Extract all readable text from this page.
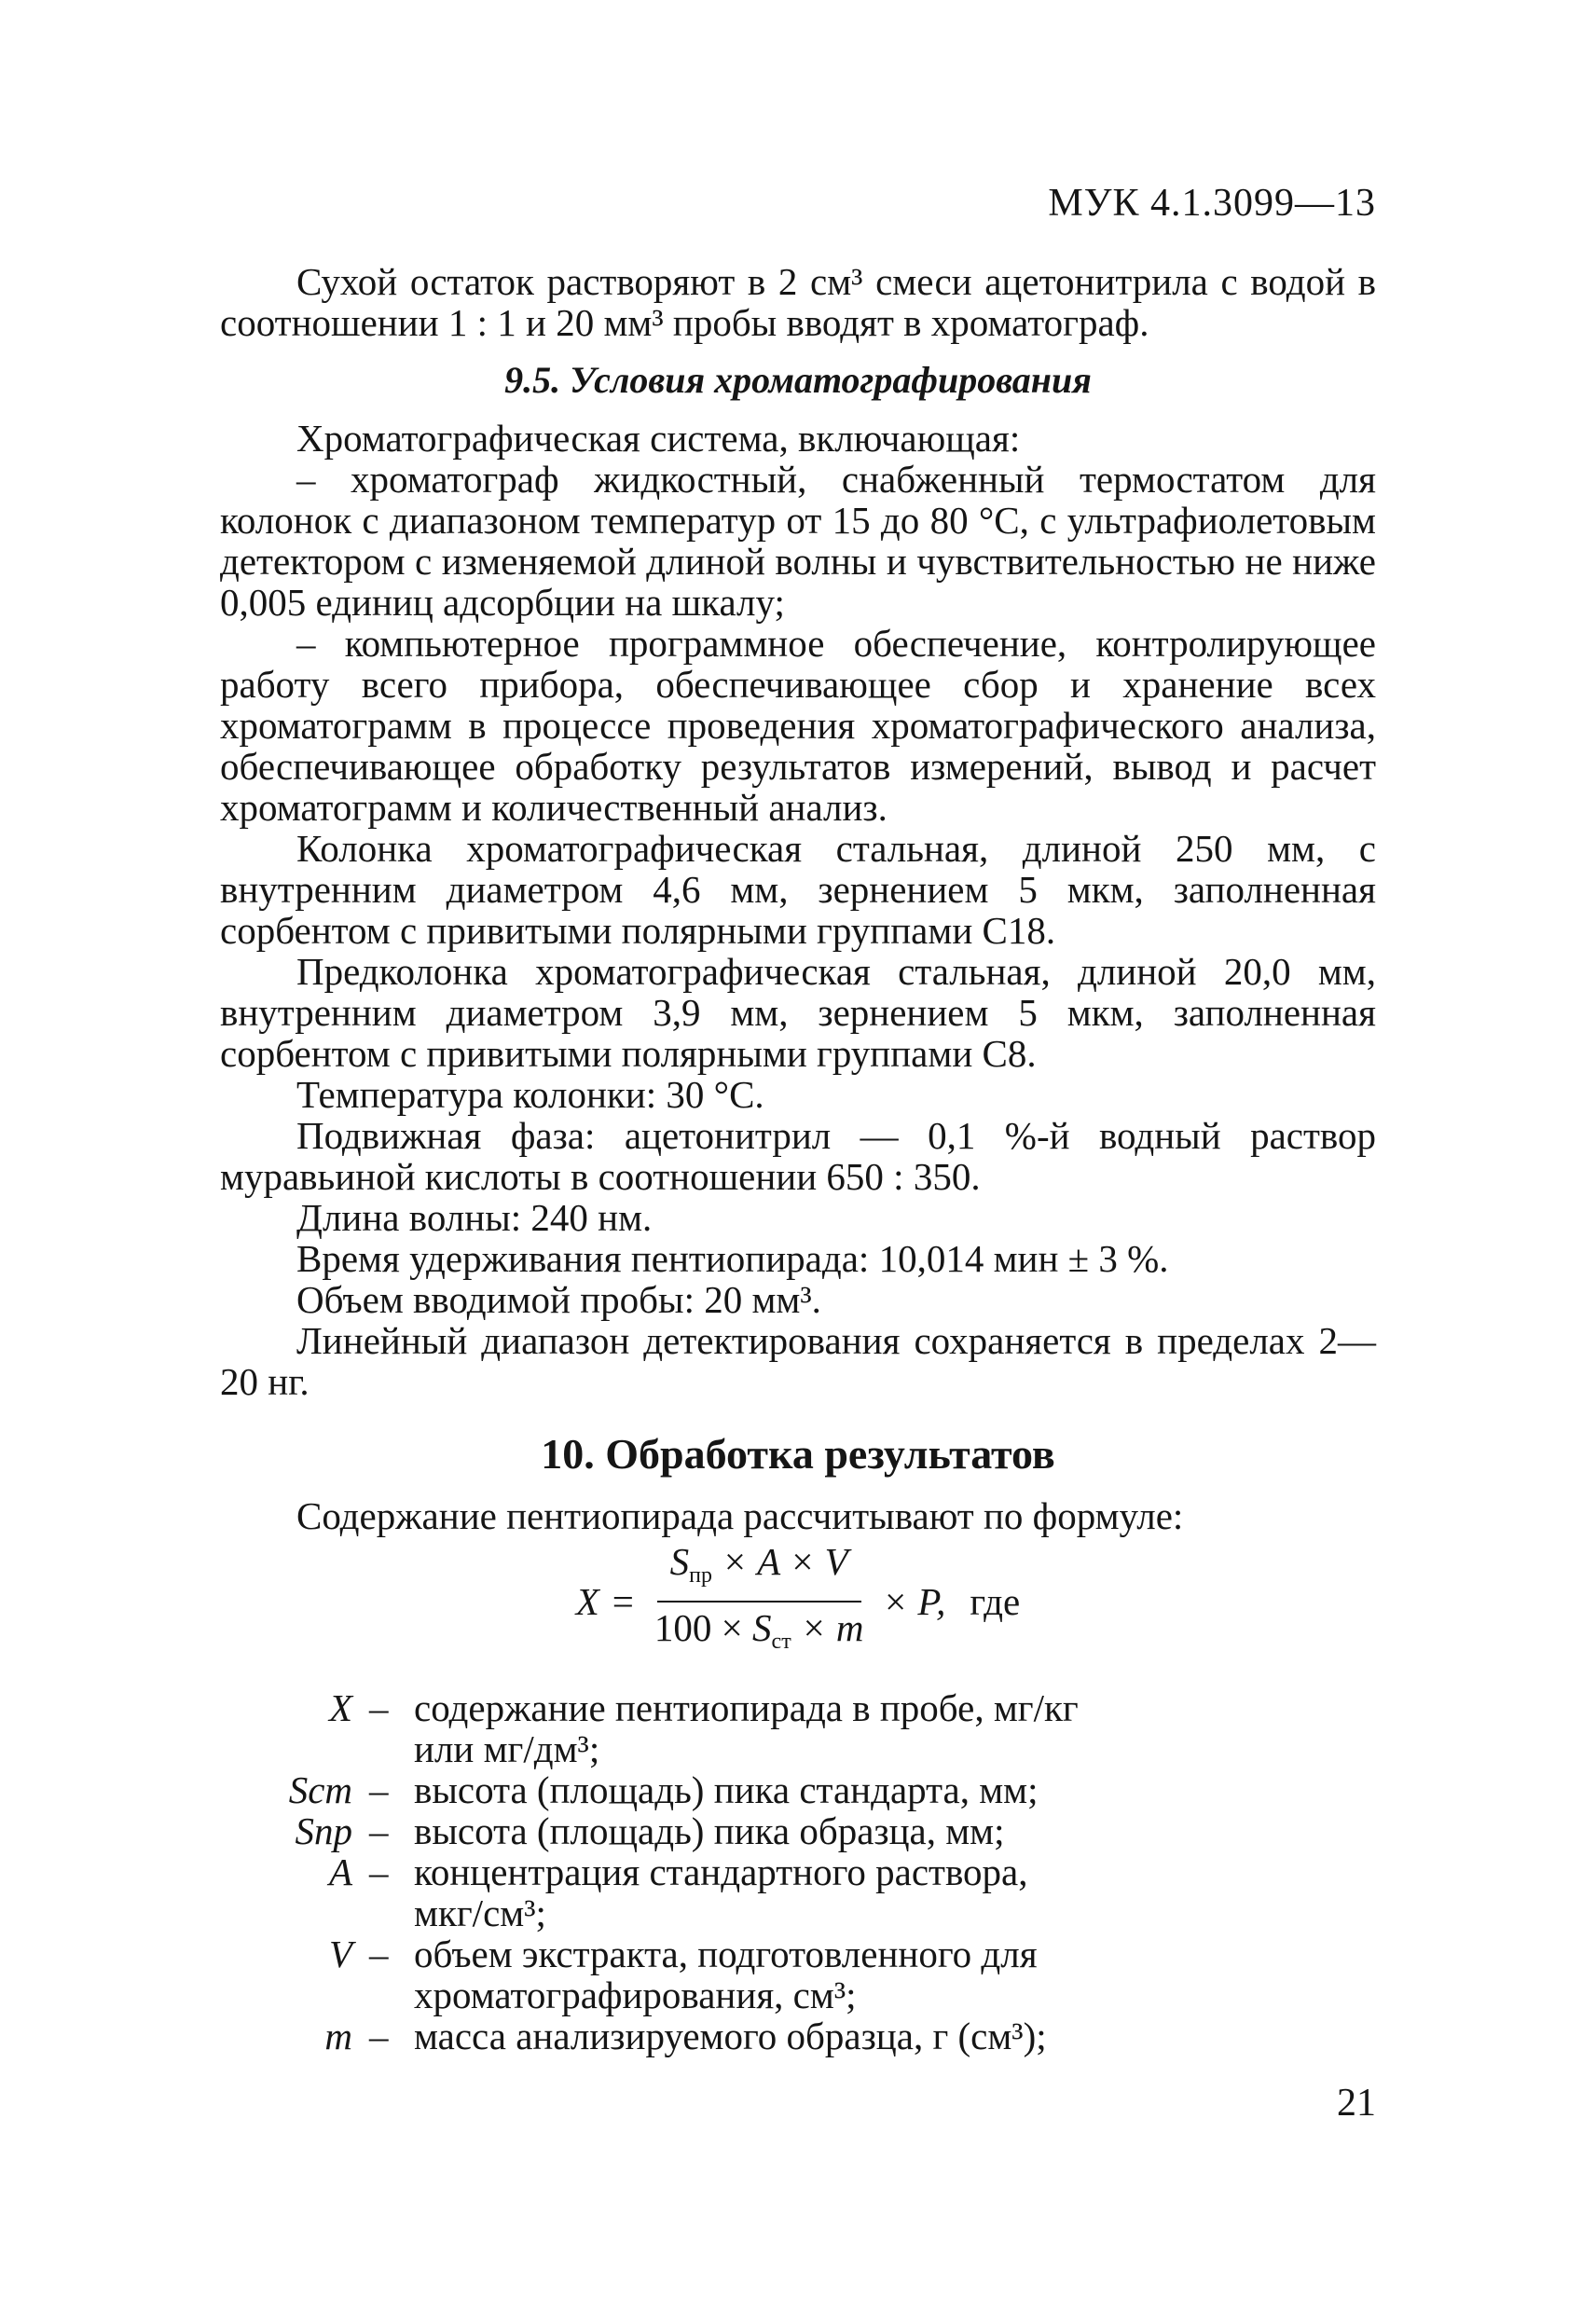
МУК 4.1.3099—13

Сухой остаток растворяют в 2 см³ смеси ацетонитрила с водой в соотношении 1 : 1 и 20 мм³ пробы вводят в хроматограф.

9.5. Условия хроматографирования

Хроматографическая система, включающая:

– хроматограф жидкостный, снабженный термостатом для колонок с диапазоном температур от 15 до 80 °С, с ультрафиолетовым детектором с изменяемой длиной волны и чувствительностью не ниже 0,005 единиц адсорбции на шкалу;

– компьютерное программное обеспечение, контролирующее работу всего прибора, обеспечивающее сбор и хранение всех хроматограмм в процессе проведения хроматографического анализа, обеспечивающее обработку результатов измерений, вывод и расчет хроматограмм и количественный анализ.

Колонка хроматографическая стальная, длиной 250 мм, с внутренним диаметром 4,6 мм, зернением 5 мкм, заполненная сорбентом с привитыми полярными группами С18.

Предколонка хроматографическая стальная, длиной 20,0 мм, внутренним диаметром 3,9 мм, зернением 5 мкм, заполненная сорбентом с привитыми полярными группами С8.

Температура колонки: 30 °С.

Подвижная фаза: ацетонитрил — 0,1 %-й водный раствор муравьиной кислоты в соотношении 650 : 350.

Длина волны: 240 нм.

Время удерживания пентиопирада: 10,014 мин ± 3 %.

Объем вводимой пробы: 20 мм³.

Линейный диапазон детектирования сохраняется в пределах 2—20 нг.

10. Обработка результатов

Содержание пентиопирада рассчитывают по формуле:

$X = \frac{S_{пр} \times A \times V}{100 \times S_{ст} \times m} \times P$, где
X – содержание пентиопирада в пробе, мг/кг или мг/дм³;
Sст – высота (площадь) пика стандарта, мм;
Sпр – высота (площадь) пика образца, мм;
A – концентрация стандартного раствора, мкг/см³;
V – объем экстракта, подготовленного для хроматографирования, см³;
m – масса анализируемого образца, г (см³);
21
